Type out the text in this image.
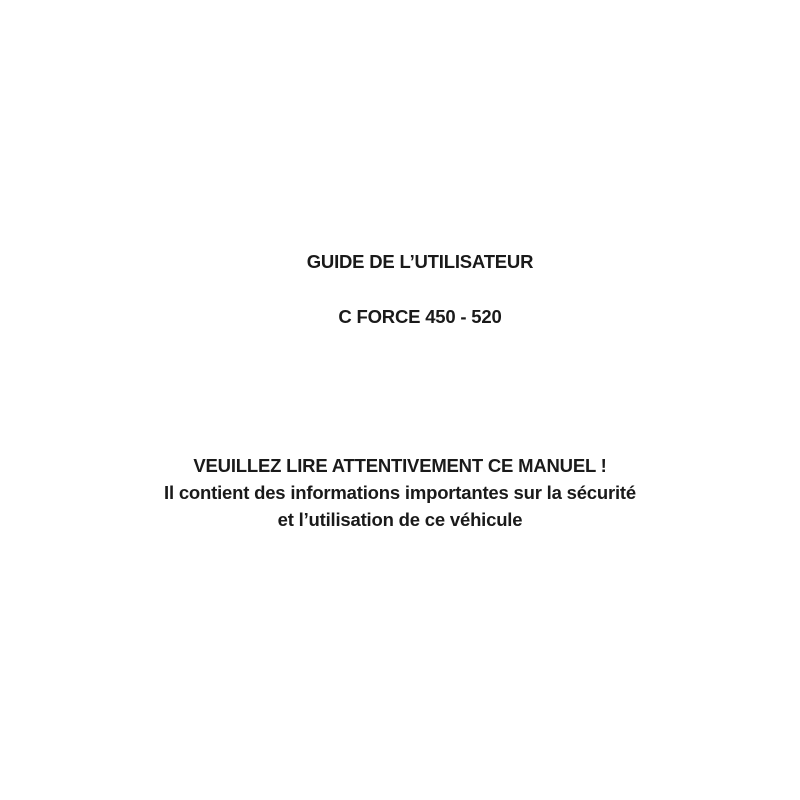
GUIDE DE L’UTILISATEUR

C FORCE 450 - 520

VEUILLEZ LIRE ATTENTIVEMENT CE MANUEL !

Il contient des informations importantes sur la sécurité

et l’utilisation de ce véhicule
